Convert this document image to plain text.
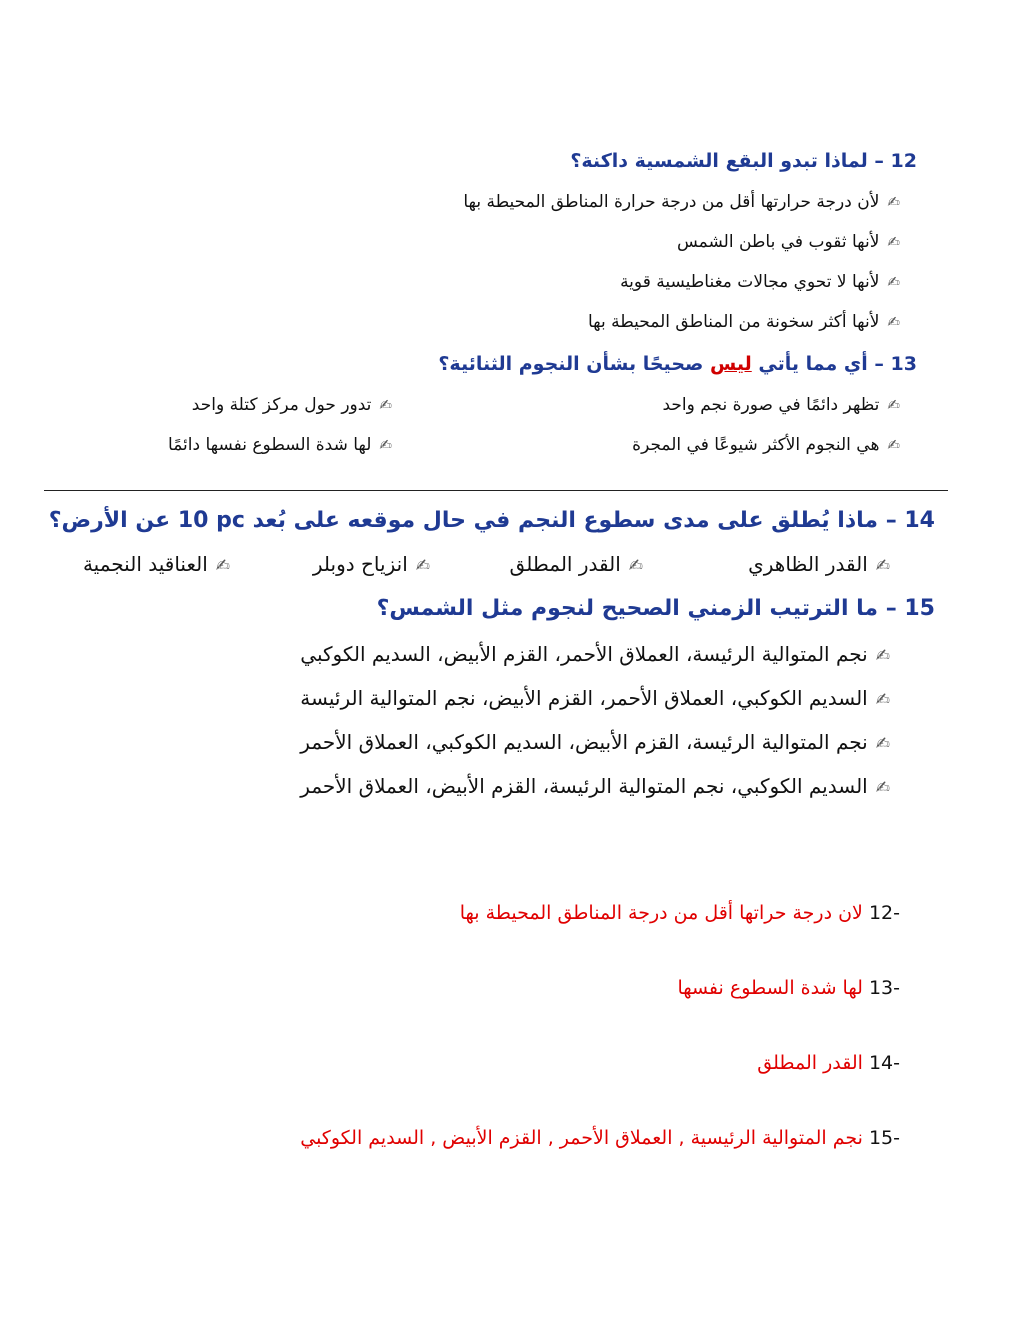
12 – لماذا تبدو البقع الشمسية داكنة؟
✍لأن درجة حرارتها أقل من درجة حرارة المناطق المحيطة بها
✍لأنها ثقوب في باطن الشمس
✍لأنها لا تحوي مجالات مغناطيسية قوية
✍لأنها أكثر سخونة من المناطق المحيطة بها
13 – أي مما يأتي ليس صحيحًا بشأن النجوم الثنائية؟
✍تظهر دائمًا في صورة نجم واحد
✍تدور حول مركز كتلة واحد
✍هي النجوم الأكثر شيوعًا في المجرة
✍لها شدة السطوع نفسها دائمًا
14 – ماذا يُطلق على مدى سطوع النجم في حال موقعه على بُعد 10 pc عن الأرض؟
✍القدر الظاهري
✍القدر المطلق
✍انزياح دوبلر
✍العناقيد النجمية
15 – ما الترتيب الزمني الصحيح لنجوم مثل الشمس؟
✍نجم المتوالية الرئيسة، العملاق الأحمر، القزم الأبيض، السديم الكوكبي
✍السديم الكوكبي، العملاق الأحمر، القزم الأبيض، نجم المتوالية الرئيسة
✍نجم المتوالية الرئيسة، القزم الأبيض، السديم الكوكبي، العملاق الأحمر
✍السديم الكوكبي، نجم المتوالية الرئيسة، القزم الأبيض، العملاق الأحمر
12- لان درجة حراتها أقل من درجة المناطق المحيطة بها
13- لها شدة السطوع نفسها
14- القدر المطلق
15- نجم المتوالية الرئيسية , العملاق الأحمر , القزم الأبيض , السديم الكوكبي
